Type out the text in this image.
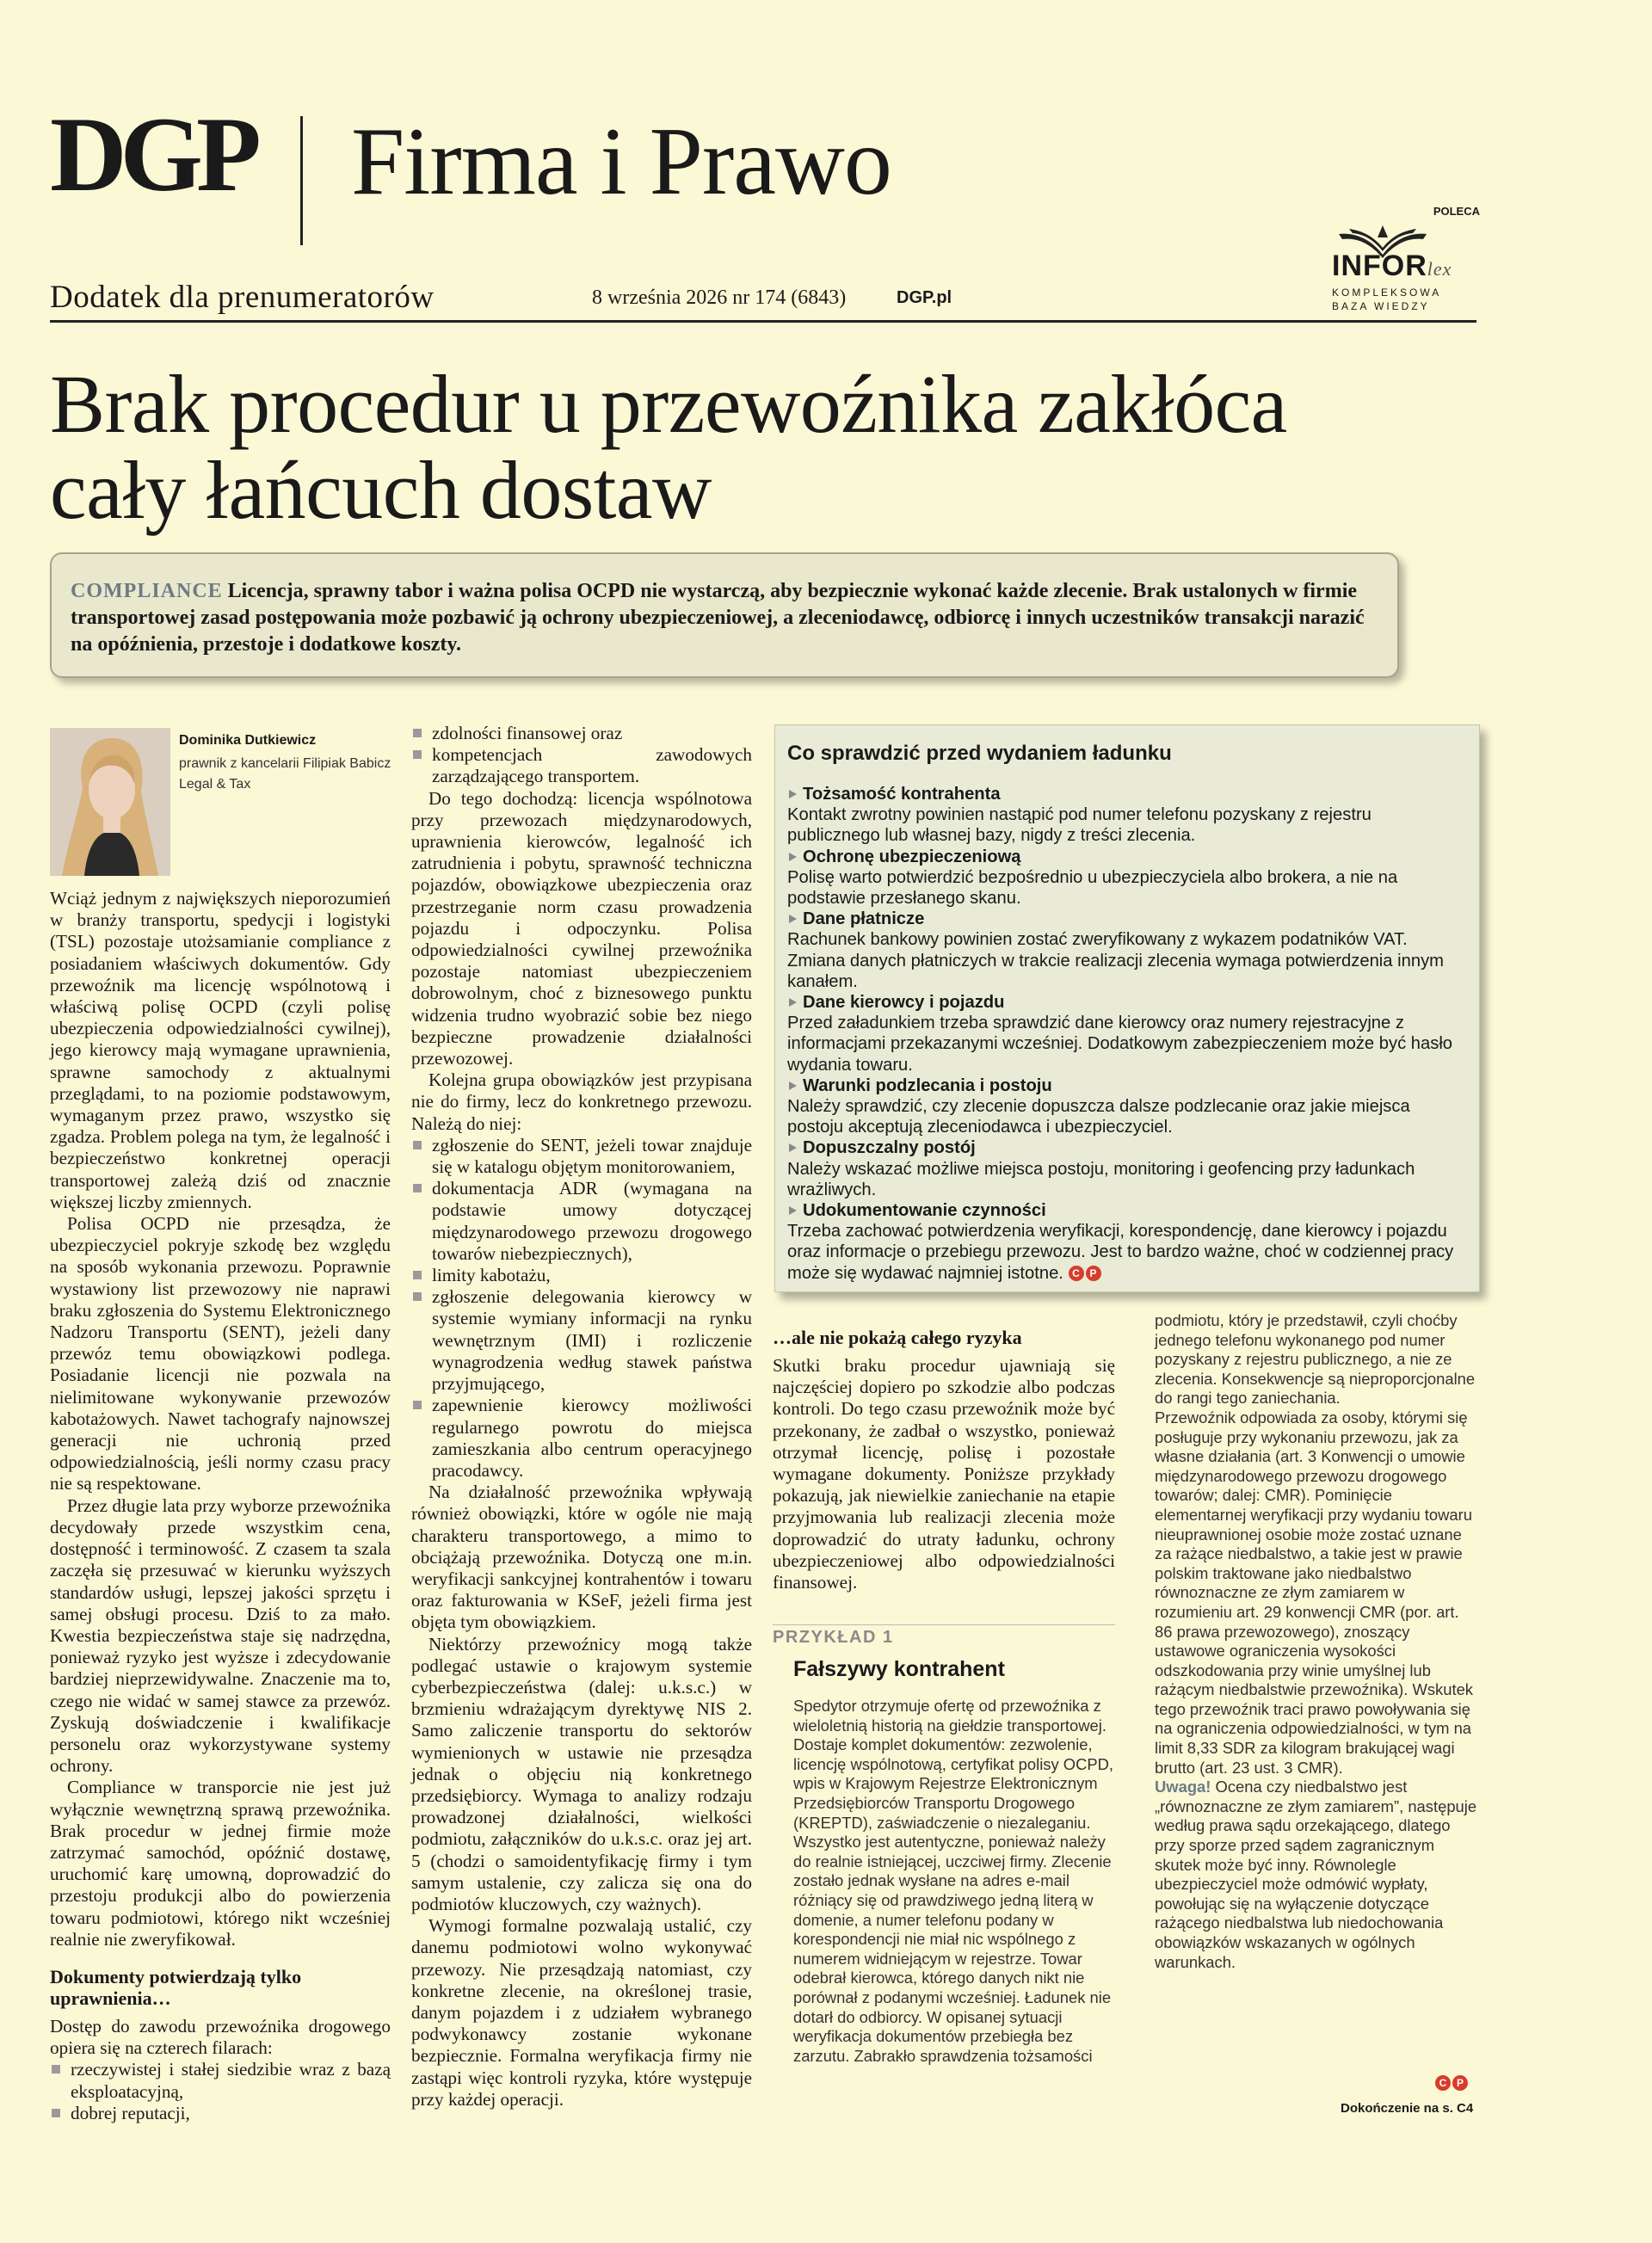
DGP Firma i Prawo
Dodatek dla prenumeratorów	8 września 2026 nr 174 (6843)	DGP.pl
POLECA
INFORlex
KOMPLEKSOWA
BAZA WIEDZY
Brak procedur u przewoźnika zakłóca
cały łańcuch dostaw
COMPLIANCE Licencja, sprawny tabor i ważna polisa OCPD nie wystarczą, aby bezpiecznie wykonać każde zlecenie. Brak ustalonych w firmie transportowej zasad postępowania może pozbawić ją ochrony ubezpieczeniowej, a zleceniodawcę, odbiorcę i innych uczestników transakcji narazić na opóźnienia, przestoje i dodatkowe koszty.
Dominika Dutkiewicz
prawnik z kancelarii Filipiak Babicz Legal & Tax

Wciąż jednym z największych nieporozumień w branży transportu, spedycji i logistyki (TSL) pozostaje utożsamianie compliance z posiadaniem właściwych dokumentów. Gdy przewoźnik ma licencję wspólnotową i właściwą polisę OCPD (czyli polisę ubezpieczenia odpowiedzialności cywilnej), jego kierowcy mają wymagane uprawnienia, sprawne samochody z aktualnymi przeglądami, to na poziomie podstawowym, wymaganym przez prawo, wszystko się zgadza. Problem polega na tym, że legalność i bezpieczeństwo konkretnej operacji transportowej zależą dziś od znacznie większej liczby zmiennych.

Polisa OCPD nie przesądza, że ubezpieczyciel pokryje szkodę bez względu na sposób wykonania przewozu. Poprawnie wystawiony list przewozowy nie naprawi braku zgłoszenia do Systemu Elektronicznego Nadzoru Transportu (SENT), jeżeli dany przewóz temu obowiązkowi podlega. Posiadanie licencji nie pozwala na nielimitowane wykonywanie przewozów kabotażowych. Nawet tachografy najnowszej generacji nie uchronią przed odpowiedzialnością, jeśli normy czasu pracy nie są respektowane.

Przez długie lata przy wyborze przewoźnika decydowały przede wszystkim cena, dostępność i terminowość. Z czasem ta szala zaczęła się przesuwać w kierunku wyższych standardów usługi, lepszej jakości sprzętu i samej obsługi procesu. Dziś to za mało. Kwestia bezpieczeństwa staje się nadrzędna, ponieważ ryzyko jest wyższe i zdecydowanie bardziej nieprzewidywalne. Znaczenie ma to, czego nie widać w samej stawce za przewóz. Zyskują doświadczenie i kwalifikacje personelu oraz wykorzystywane systemy ochrony.

Compliance w transporcie nie jest już wyłącznie wewnętrzną sprawą przewoźnika. Brak procedur w jednej firmie może zatrzymać samochód, opóźnić dostawę, uruchomić karę umowną, doprowadzić do przestoju produkcji albo do powierzenia towaru podmiotowi, którego nikt wcześniej realnie nie zweryfikował.

Dokumenty potwierdzają tylko uprawnienia…

Dostęp do zawodu przewoźnika drogowego opiera się na czterech filarach:

rzeczywistej i stałej siedzibie wraz z bazą eksploatacyjną,
dobrej reputacji,
zdolności finansowej oraz
kompetencjach zawodowych zarządzającego transportem.

Do tego dochodzą: licencja wspólnotowa przy przewozach międzynarodowych, uprawnienia kierowców, legalność ich zatrudnienia i pobytu, sprawność techniczna pojazdów, obowiązkowe ubezpieczenia oraz przestrzeganie norm czasu prowadzenia pojazdu i odpoczynku. Polisa odpowiedzialności cywilnej przewoźnika pozostaje natomiast ubezpieczeniem dobrowolnym, choć z biznesowego punktu widzenia trudno wyobrazić sobie bez niego bezpieczne prowadzenie działalności przewozowej.

Kolejna grupa obowiązków jest przypisana nie do firmy, lecz do konkretnego przewozu. Należą do niej:

zgłoszenie do SENT, jeżeli towar znajduje się w katalogu objętym monitorowaniem,
dokumentacja ADR (wymagana na podstawie umowy dotyczącej międzynarodowego przewozu drogowego towarów niebezpiecznych),
limity kabotażu,
zgłoszenie delegowania kierowcy w systemie wymiany informacji na rynku wewnętrznym (IMI) i rozliczenie wynagrodzenia według stawek państwa przyjmującego,
zapewnienie kierowcy możliwości regularnego powrotu do miejsca zamieszkania albo centrum operacyjnego pracodawcy.

Na działalność przewoźnika wpływają również obowiązki, które w ogóle nie mają charakteru transportowego, a mimo to obciążają przewoźnika. Dotyczą one m.in. weryfikacji sankcyjnej kontrahentów i towaru oraz fakturowania w KSeF, jeżeli firma jest objęta tym obowiązkiem.

Niektórzy przewoźnicy mogą także podlegać ustawie o krajowym systemie cyberbezpieczeństwa (dalej: u.k.s.c.) w brzmieniu wdrażającym dyrektywę NIS 2. Samo zaliczenie transportu do sektorów wymienionych w ustawie nie przesądza jednak o objęciu nią konkretnego przedsiębiorcy. Wymaga to analizy rodzaju prowadzonej działalności, wielkości podmiotu, załączników do u.k.s.c. oraz jej art. 5 (chodzi o samoidentyfikację firmy i tym samym ustalenie, czy zalicza się ona do podmiotów kluczowych, czy ważnych).

Wymogi formalne pozwalają ustalić, czy danemu podmiotowi wolno wykonywać przewozy. Nie przesądzają natomiast, czy konkretne zlecenie, na określonej trasie, danym pojazdem i z udziałem wybranego podwykonawcy zostanie wykonane bezpiecznie. Formalna weryfikacja firmy nie zastąpi więc kontroli ryzyka, które występuje przy każdej operacji.

Co sprawdzić przed wydaniem ładunku
Tożsamość kontrahenta
Kontakt zwrotny powinien nastąpić pod numer telefonu pozyskany z rejestru publicznego lub własnej bazy, nigdy z treści zlecenia.
Ochronę ubezpieczeniową
Polisę warto potwierdzić bezpośrednio u ubezpieczyciela albo brokera, a nie na podstawie przesłanego skanu.
Dane płatnicze
Rachunek bankowy powinien zostać zweryfikowany z wykazem podatników VAT. Zmiana danych płatniczych w trakcie realizacji zlecenia wymaga potwierdzenia innym kanałem.
Dane kierowcy i pojazdu
Przed załadunkiem trzeba sprawdzić dane kierowcy oraz numery rejestracyjne z informacjami przekazanymi wcześniej. Dodatkowym zabezpieczeniem może być hasło wydania towaru.
Warunki podzlecania i postoju
Należy sprawdzić, czy zlecenie dopuszcza dalsze podzlecanie oraz jakie miejsca postoju akceptują zleceniodawca i ubezpieczyciel.
Dopuszczalny postój
Należy wskazać możliwe miejsca postoju, monitoring i geofencing przy ładunkach wrażliwych.
Udokumentowanie czynności
Trzeba zachować potwierdzenia weryfikacji, korespondencję, dane kierowcy i pojazdu oraz informacje o przebiegu przewozu. Jest to bardzo ważne, choć w codziennej pracy może się wydawać najmniej istotne. C P
…ale nie pokażą całego ryzyka

Skutki braku procedur ujawniają się najczęściej dopiero po szkodzie albo podczas kontroli. Do tego czasu przewoźnik może być przekonany, że zadbał o wszystko, ponieważ otrzymał licencję, polisę i pozostałe wymagane dokumenty. Poniższe przykłady pokazują, jak niewielkie zaniechanie na etapie przyjmowania lub realizacji zlecenia może doprowadzić do utraty ładunku, ochrony ubezpieczeniowej albo odpowiedzialności finansowej.

PRZYKŁAD 1
Fałszywy kontrahent

Spedytor otrzymuje ofertę od przewoźnika z wieloletnią historią na giełdzie transportowej. Dostaje komplet dokumentów: zezwolenie, licencję wspólnotową, certyfikat polisy OCPD, wpis w Krajowym Rejestrze Elektronicznym Przedsiębiorców Transportu Drogowego (KREPTD), zaświadczenie o niezaleganiu. Wszystko jest autentyczne, ponieważ należy do realnie istniejącej, uczciwej firmy. Zlecenie zostało jednak wysłane na adres e-mail różniący się od prawdziwego jedną literą w domenie, a numer telefonu podany w korespondencji nie miał nic wspólnego z numerem widniejącym w rejestrze. Towar odebrał kierowca, którego danych nikt nie porównał z podanymi wcześniej. Ładunek nie dotarł do odbiorcy. W opisanej sytuacji weryfikacja dokumentów przebiegła bez zarzutu. Zabrakło sprawdzenia tożsamości

podmiotu, który je przedstawił, czyli choćby jednego telefonu wykonanego pod numer pozyskany z rejestru publicznego, a nie ze zlecenia. Konsekwencje są nieproporcjonalne do rangi tego zaniechania.

Przewoźnik odpowiada za osoby, którymi się posługuje przy wykonaniu przewozu, jak za własne działania (art. 3 Konwencji o umowie międzynarodowego przewozu drogowego towarów; dalej: CMR). Pominięcie elementarnej weryfikacji przy wydaniu towaru nieuprawnionej osobie może zostać uznane za rażące niedbalstwo, a takie jest w prawie polskim traktowane jako niedbalstwo równoznaczne ze złym zamiarem w rozumieniu art. 29 konwencji CMR (por. art. 86 prawa przewozowego), znoszący ustawowe ograniczenia wysokości odszkodowania przy winie umyślnej lub rażącym niedbalstwie przewoźnika). Wskutek tego przewoźnik traci prawo powoływania się na ograniczenia odpowiedzialności, w tym na limit 8,33 SDR za kilogram brakującej wagi brutto (art. 23 ust. 3 CMR).

Uwaga! Ocena czy niedbalstwo jest „równoznaczne ze złym zamiarem”, następuje według prawa sądu orzekającego, dlatego przy sporze przed sądem zagranicznym skutek może być inny. Równolegle ubezpieczyciel może odmówić wypłaty, powołując się na wyłączenie dotyczące rażącego niedbalstwa lub niedochowania obowiązków wskazanych w ogólnych warunkach.

C P
Dokończenie na s. C4
